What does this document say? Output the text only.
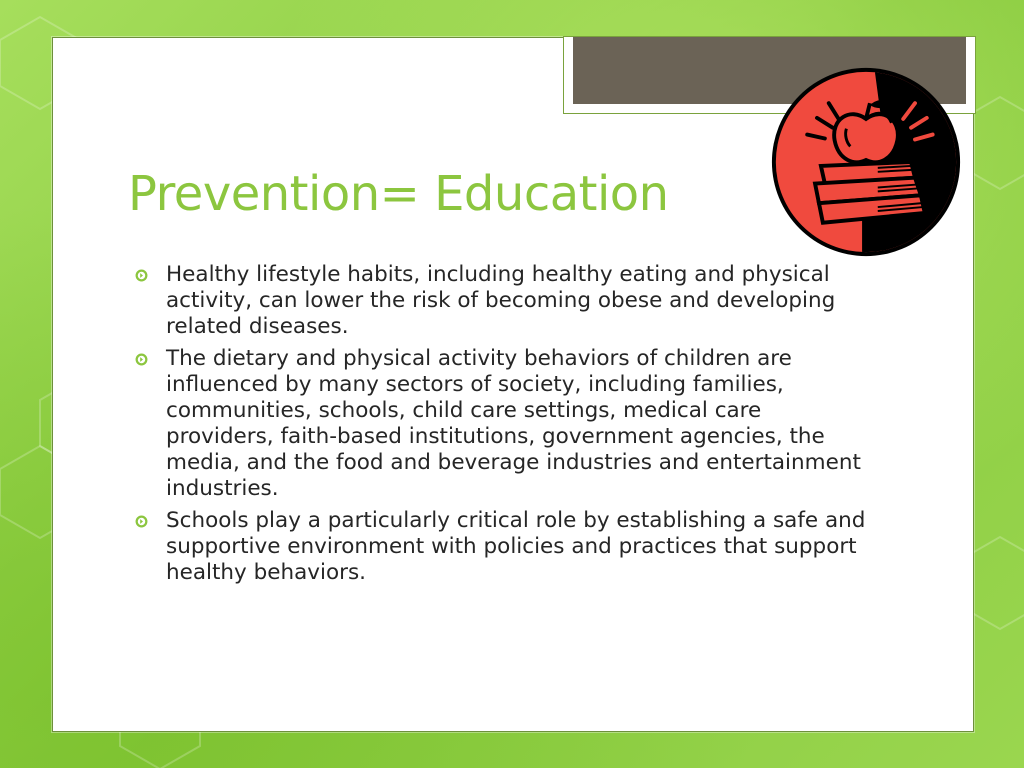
Prevention= Education
Healthy lifestyle habits, including healthy eating and physical activity, can lower the risk of becoming obese and developing related diseases.
The dietary and physical activity behaviors of children are influenced by many sectors of society, including families, communities, schools, child care settings, medical care providers, faith-based institutions, government agencies, the media, and the food and beverage industries and entertainment industries.
Schools play a particularly critical role by establishing a safe and supportive environment with policies and practices that support healthy behaviors.
